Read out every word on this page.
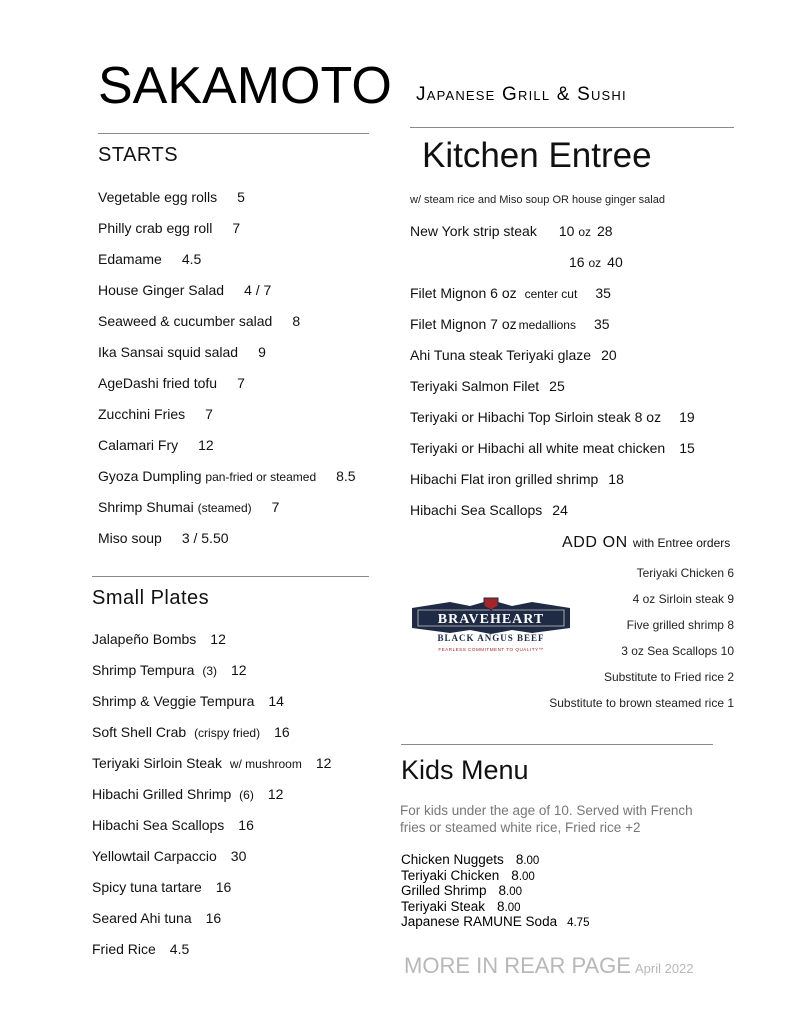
SAKAMOTO Japanese Grill & Sushi
STARTS
Vegetable egg rolls 5
Philly crab egg roll 7
Edamame 4.5
House Ginger Salad 4 / 7
Seaweed & cucumber salad 8
Ika Sansai squid salad 9
AgeDashi fried tofu 7
Zucchini Fries 7
Calamari Fry 12
Gyoza Dumpling pan-fried or steamed 8.5
Shrimp Shumai (steamed) 7
Miso soup 3 / 5.50
Small Plates
Jalapeño Bombs 12
Shrimp Tempura (3) 12
Shrimp & Veggie Tempura 14
Soft Shell Crab (crispy fried) 16
Teriyaki Sirloin Steak w/ mushroom 12
Hibachi Grilled Shrimp (6) 12
Hibachi Sea Scallops 16
Yellowtail Carpaccio 30
Spicy tuna tartare 16
Seared Ahi tuna 16
Fried Rice 4.5
Kitchen Entree
w/ steam rice and Miso soup OR house ginger salad
New York strip steak 10 oz 28
16 oz 40
Filet Mignon 6 oz center cut 35
Filet Mignon 7 oz medallions 35
Ahi Tuna steak Teriyaki glaze 20
Teriyaki Salmon Filet 25
Teriyaki or Hibachi Top Sirloin steak 8 oz 19
Teriyaki or Hibachi all white meat chicken 15
Hibachi Flat iron grilled shrimp 18
Hibachi Sea Scallops 24
ADD ON with Entree orders
Teriyaki Chicken 6
4 oz Sirloin steak 9
Five grilled shrimp 8
3 oz Sea Scallops 10
Substitute to Fried rice 2
Substitute to brown steamed rice 1
BRAVEHEART
BLACK ANGUS BEEF
FEARLESS COMMITMENT TO QUALITY™
Kids Menu
For kids under the age of 10. Served with French fries or steamed white rice, Fried rice +2
Chicken Nuggets 8.00
Teriyaki Chicken 8.00
Grilled Shrimp 8.00
Teriyaki Steak 8.00
Japanese RAMUNE Soda 4.75
MORE IN REAR PAGE April 2022
